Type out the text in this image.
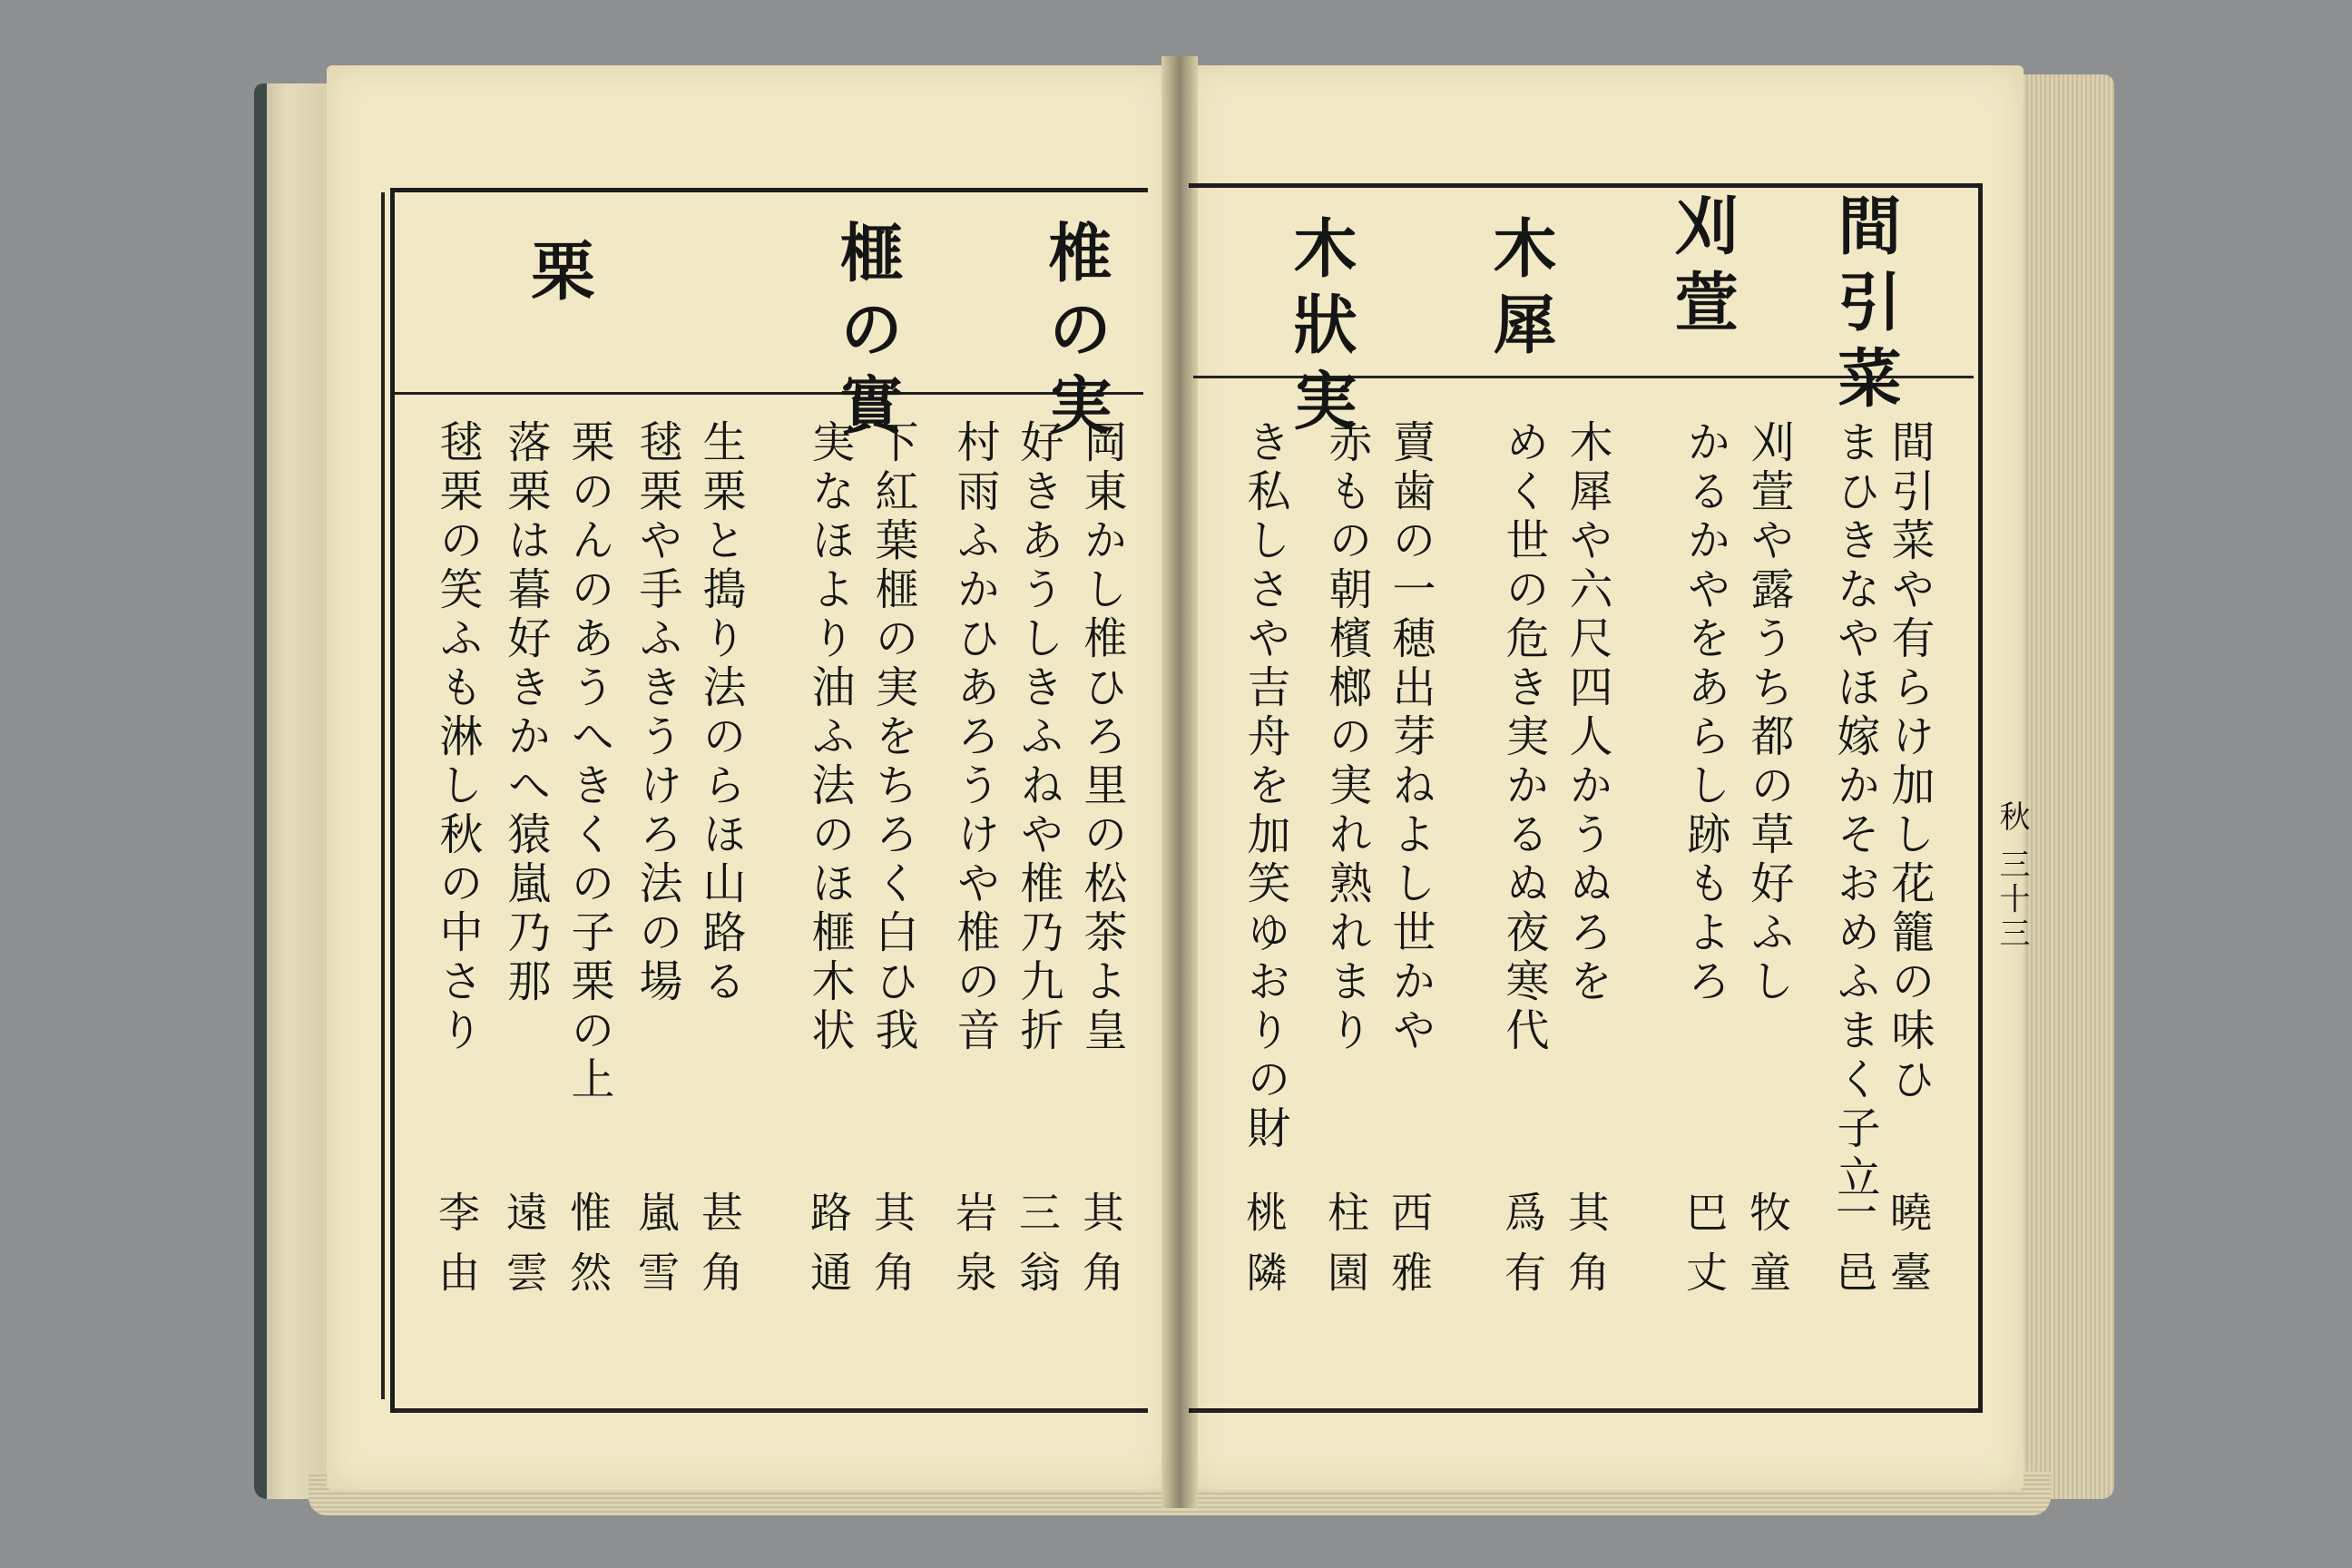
間引菜
刈萱
木犀
木狀実
間引菜や有らけ加し花籠の味ひ
曉臺
まひきなやほ嫁かそおめふまく子立
一邑
刈萱や露うち都の草好ふし
牧童
かるかやをあらし跡もよろ
巴丈
木犀や六尺四人かうぬろを
其角
めく世の危き実かるぬ夜寒代
爲有
賣歯の一穂出芽ねよし世かや
西雅
赤もの朝檳榔の実れ熟れまり
柱園
き私しさや吉舟を加笑ゆおりの財
桃隣
秋 三十三
椎の実
榧の實
栗
岡東かし椎ひろ里の松茶よ皇
其角
好きあうしきふねや椎乃九折
三翁
村雨ふかひあろうけや椎の音
岩泉
下紅葉榧の実をちろく白ひ我
其角
実なほより油ふ法のほ榧木状
路通
生栗と搗り法のらほ山路る
甚角
毬栗や手ふきうけろ法の場
嵐雪
栗のんのあうへきくの子栗の上
惟然
落栗は暮好きかへ猿嵐乃那
遠雲
毬栗の笑ふも淋し秋の中さり
李由
